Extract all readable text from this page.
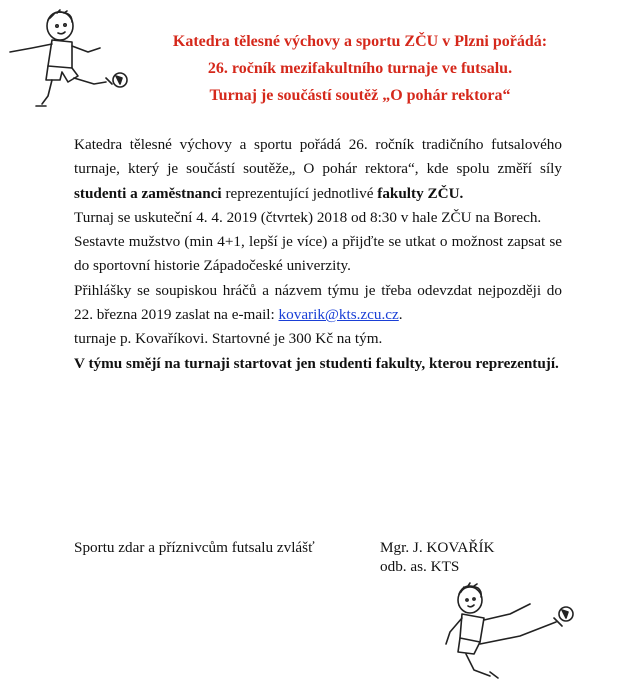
Katedra tělesné výchovy a sportu ZČU v Plzni pořádá:
26. ročník mezifakultního turnaje ve futsalu.
Turnaj je součástí soutěž „O pohár rektora“
Katedra tělesné výchovy a sportu pořádá 26. ročník tradičního futsalového turnaje, který je součástí soutěže„ O pohár rektora“, kde spolu změří síly studenti a zaměstnanci reprezentující jednotlivé fakulty ZČU.
Turnaj se uskuteční 4. 4. 2019 (čtvrtek) 2018 od 8:30 v hale ZČU na Borech.
Sestavte mužstvo (min 4+1, lepší je více) a přijďte se utkat o možnost zapsat se do sportovní historie Západočeské univerzity.
Přihlášky se soupiskou hráčů a názvem týmu je třeba odevzdat nejpozději do 22. března 2019 zaslat na e-mail: kovarik@kts.zcu.cz.
turnaje p. Kovaříkovi. Startovné je 300 Kč na tým.
V týmu smějí na turnaji startovat jen studenti fakulty, kterou reprezentují.
Sportu zdar a příznivcům futsalu zvlášť	Mgr. J. KOVAŘÍK
odb. as. KTS
